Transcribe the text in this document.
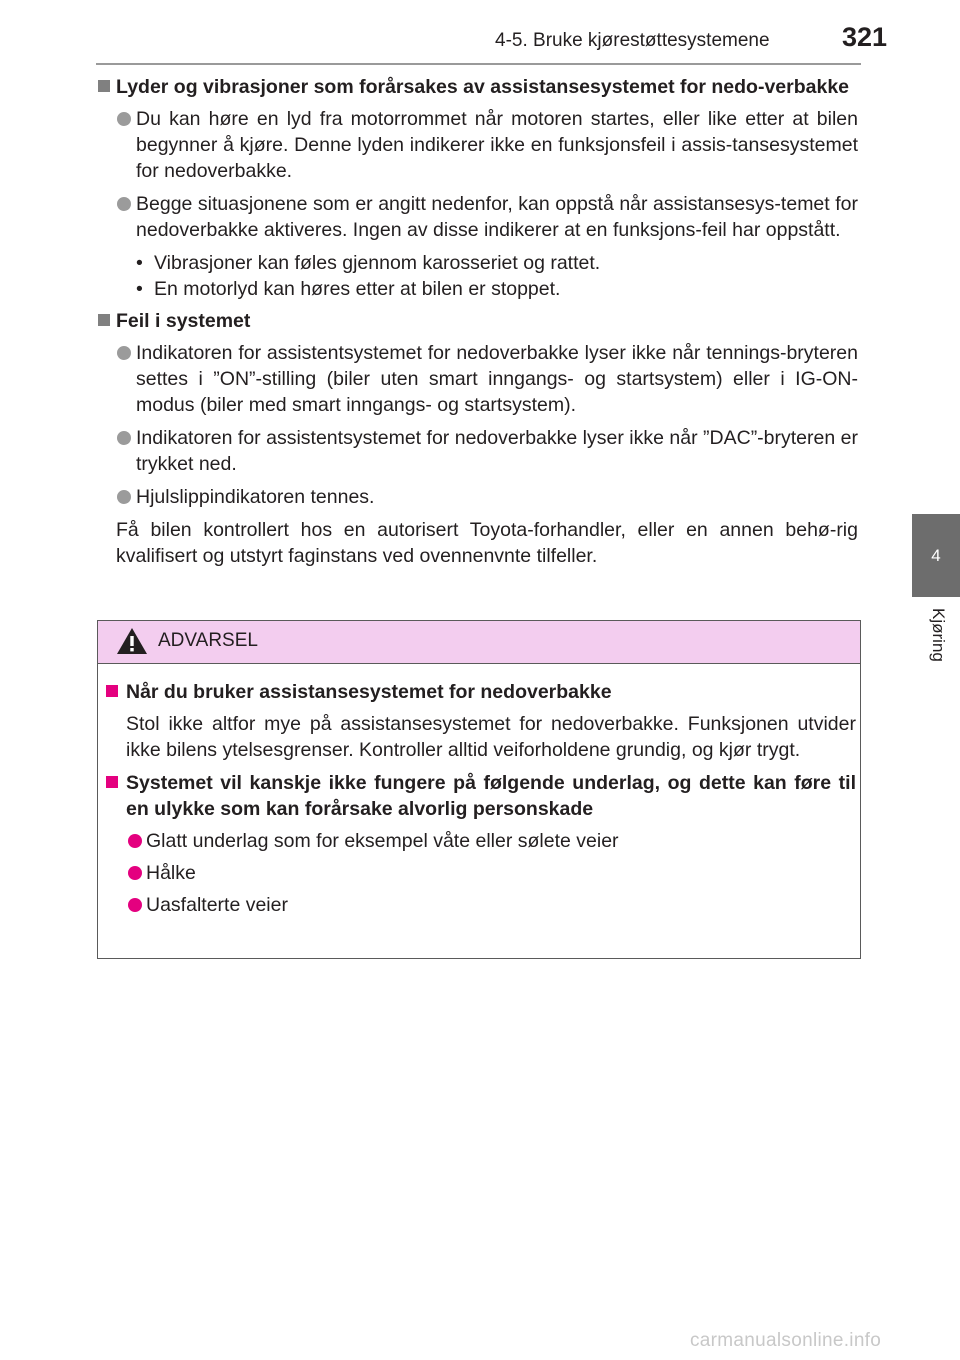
4-5. Bruke kjørestøttesystemene	321
4
Kjøring
Lyder og vibrasjoner som forårsakes av assistansesystemet for nedo-verbakke
Du kan høre en lyd fra motorrommet når motoren startes, eller like etter at bilen begynner å kjøre. Denne lyden indikerer ikke en funksjonsfeil i assis-tansesystemet for nedoverbakke.
Begge situasjonene som er angitt nedenfor, kan oppstå når assistansesys-temet for nedoverbakke aktiveres. Ingen av disse indikerer at en funksjons-feil har oppstått.
• Vibrasjoner kan føles gjennom karosseriet og rattet.
• En motorlyd kan høres etter at bilen er stoppet.
Feil i systemet
Indikatoren for assistentsystemet for nedoverbakke lyser ikke når tennings-bryteren settes i ”ON”-stilling (biler uten smart inngangs- og startsystem) eller i IG-ON-modus (biler med smart inngangs- og startsystem).
Indikatoren for assistentsystemet for nedoverbakke lyser ikke når ”DAC”-bryteren er trykket ned.
Hjulslippindikatoren tennes.
Få bilen kontrollert hos en autorisert Toyota-forhandler, eller en annen behø-rig kvalifisert og utstyrt faginstans ved ovennenvnte tilfeller.
ADVARSEL
Når du bruker assistansesystemet for nedoverbakke
Stol ikke altfor mye på assistansesystemet for nedoverbakke. Funksjonen utvider ikke bilens ytelsesgrenser. Kontroller alltid veiforholdene grundig, og kjør trygt.
Systemet vil kanskje ikke fungere på følgende underlag, og dette kan føre til en ulykke som kan forårsake alvorlig personskade
Glatt underlag som for eksempel våte eller sølete veier
Hålke
Uasfalterte veier
carmanualsonline.info
